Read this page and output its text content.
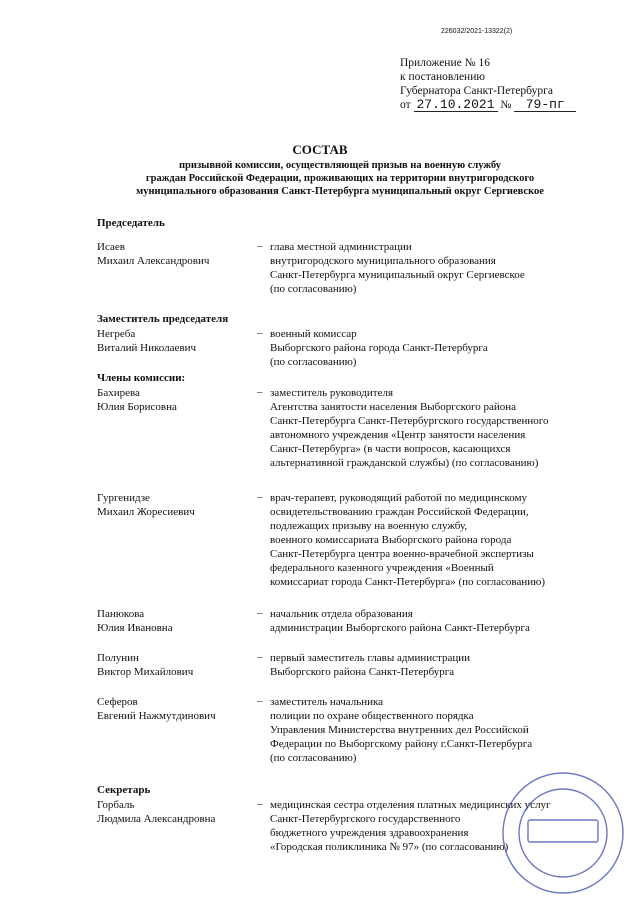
226032/2021-13322(2)
Приложение № 16
к постановлению
Губернатора Санкт-Петербурга
от 27.10.2021 № 79-пг
СОСТАВ
призывной комиссии, осуществляющей призыв на военную службу
граждан Российской Федерации, проживающих на территории внутригородского
муниципального образования Санкт-Петербурга муниципальный округ Сергиевское
Председатель
Исаев
Михаил Александрович
– глава местной администрации
внутригородского муниципального образования
Санкт-Петербурга муниципальный округ Сергиевское
(по согласованию)
Заместитель председателя
Негреба
Виталий Николаевич
– военный комиссар
Выборгского района города Санкт-Петербурга
(по согласованию)
Члены комиссии:
Бахирева
Юлия Борисовна
– заместитель руководителя
Агентства занятости населения Выборгского района
Санкт-Петербурга Санкт-Петербургского государственного
автономного учреждения «Центр занятости населения
Санкт-Петербурга» (в части вопросов, касающихся
альтернативной гражданской службы) (по согласованию)
Гургенидзе
Михаил Жоресиевич
– врач-терапевт, руководящий работой по медицинскому
освидетельствованию граждан Российской Федерации,
подлежащих призыву на военную службу,
военного комиссариата Выборгского района города
Санкт-Петербурга центра военно-врачебной экспертизы
федерального казенного учреждения «Военный
комиссариат города Санкт-Петербурга» (по согласованию)
Панюкова
Юлия Ивановна
– начальник отдела образования
администрации Выборгского района Санкт-Петербурга
Полунин
Виктор Михайлович
– первый заместитель главы администрации
Выборгского района Санкт-Петербурга
Сеферов
Евгений Нажмутдинович
– заместитель начальника
полиции по охране общественного порядка
Управления Министерства внутренних дел Российской
Федерации по Выборгскому району г.Санкт-Петербурга
(по согласованию)
Секретарь
Горбаль
Людмила Александровна
– медицинская сестра отделения платных медицинских услуг
Санкт-Петербургского государственного
бюджетного учреждения здравоохранения
«Городская поликлиника № 97» (по согласованию)
